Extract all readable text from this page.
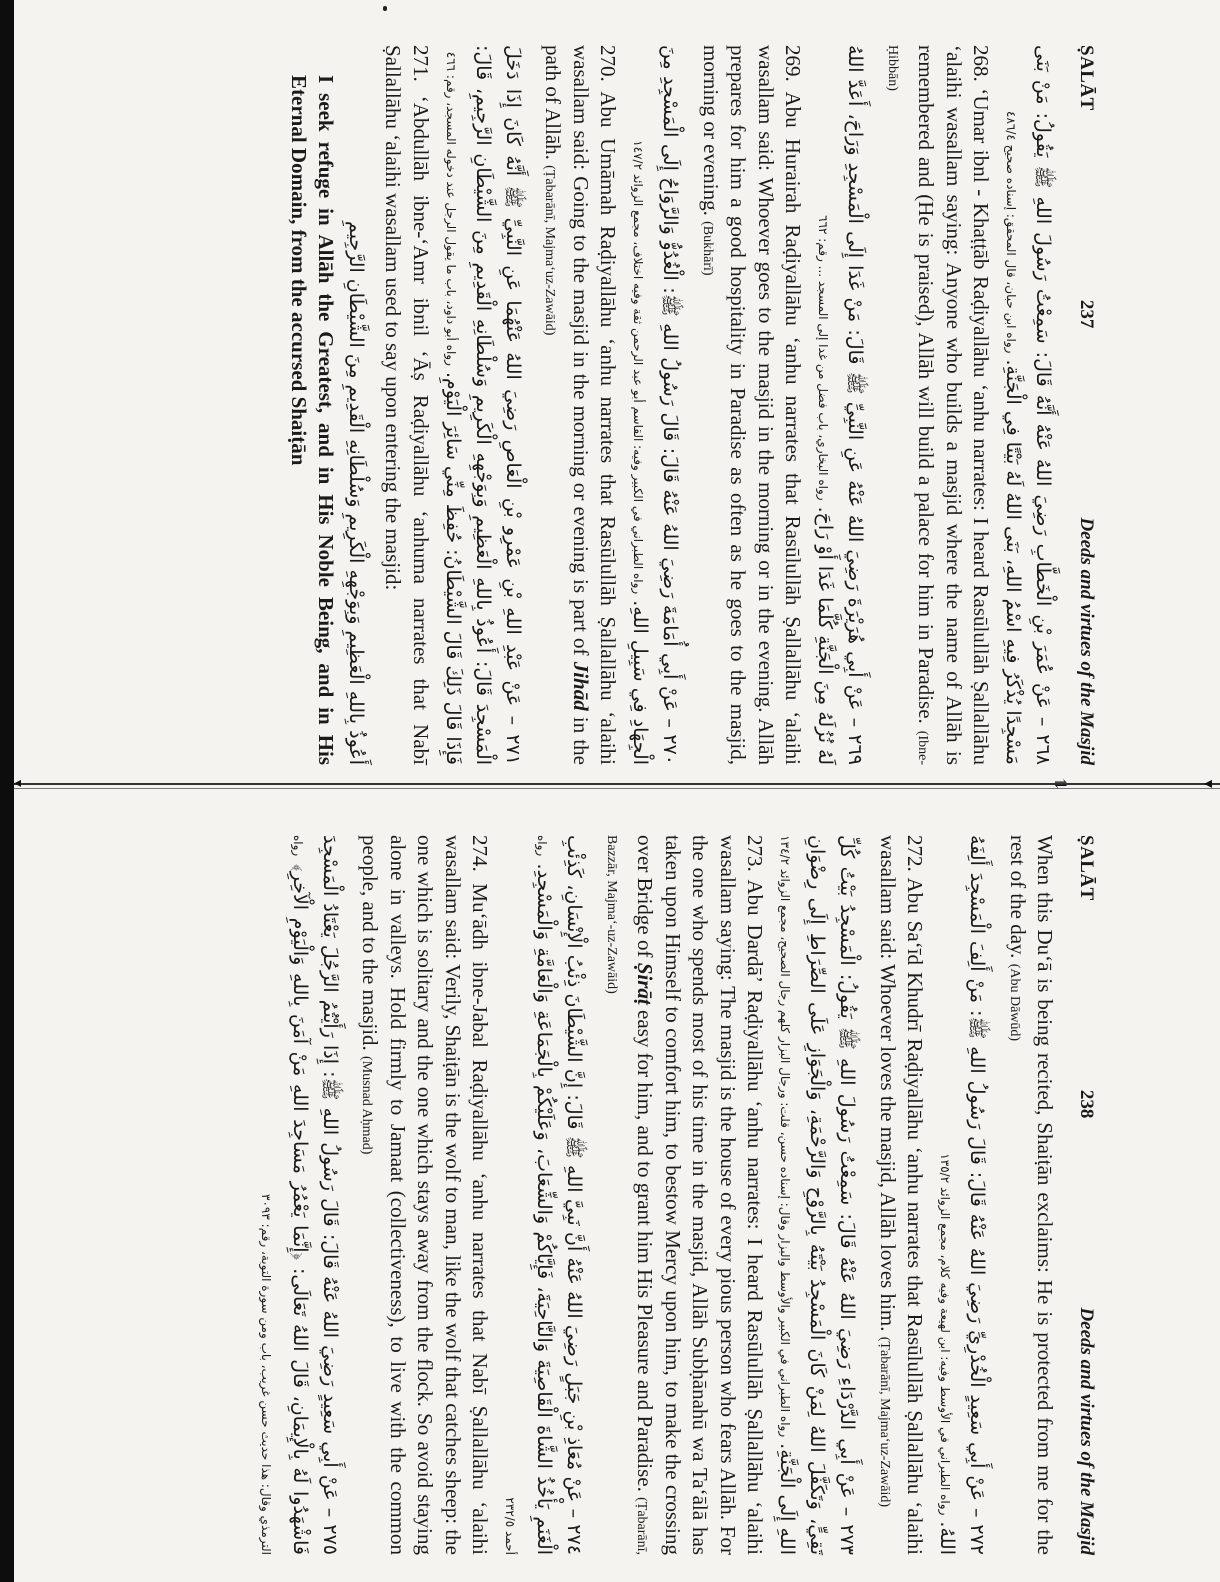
◂	⇌	◂
ṢALĀT
237
Deeds and virtues of the Masjid
٢٦٨ – عَنْ عُمَرَ بْنِ الْخَطَّابِ رَضِيَ اللهُ عَنْهُ أَنَّهُ قَالَ: سَمِعْتُ رَسُولَ اللهِ ﷺ يَقُولُ: مَنْ بَنَى مَسْجِدًا يُذْكَرُ فِيهِ اسْمُ اللهِ، بَنَى اللهُ لَهُ بَيْتًا فِي الْجَنَّةِ. رواه ابن حبان، قال المحقق: إسناده صحيح ٤٨٦/٤

268. ‘Umar ibnl - Khaṭṭāb Raḍiyallāhu ‘anhu narrates: I heard Rasūlullāh Ṣallallāhu ‘alaihi wasallam saying: Anyone who builds a masjid where the name of Allāh is remembered and (He is praised), Allāh will build a palace for him in Paradise. (Ibne-Ḥibbān)

٢٦٩ – عَنْ أَبِي هُرَيْرَةَ رَضِيَ اللهُ عَنْهُ عَنِ النَّبِيِّ ﷺ قَالَ: مَنْ غَدَا إِلَى الْمَسْجِدِ وَرَاحَ، أَعَدَّ اللهُ لَهُ نُزُلَهُ مِنَ الْجَنَّةِ كُلَّمَا غَدَا أَوْ رَاحَ. رواه البخاري، باب فضل من غدا إلى المسجد ... رقم: ٦٦٢

269. Abu Hurairah Raḍiyallāhu ‘anhu narrates that Rasūlullāh Ṣallallāhu ‘alaihi wasallam said: Whoever goes to the masjid in the morning or in the evening. Allāh prepares for him a good hospitality in Paradise as often as he goes to the masjid, morning or evening. (Bukhārī)

٢٧٠ – عَنْ أَبِي أُمَامَةَ رَضِيَ اللهُ عَنْهُ قَالَ: قَالَ رَسُولُ اللهِ ﷺ: الْغُدُوُّ وَالرَّوَاحُ إِلَى الْمَسْجِدِ مِنَ الْجِهَادِ فِي سَبِيلِ اللهِ. رواه الطبراني في الكبير وفيه: القاسم أبو عبد الرحمن ثقة وفيه اختلاف، مجمع الزوائد ١٤٧/٢

270. Abu Umāmah Raḍiyallāhu ‘anhu narrates that Rasūlullāh Ṣallallāhu ‘alaihi wasallam said: Going to the masjid in the morning or evening is part of Jihād in the path of Allāh. (Ṭabarānī, Majma‘uz-Zawāid)

٢٧١ – عَنْ عَبْدِ اللهِ بْنِ عَمْرِو بْنِ الْعَاصِ رَضِيَ اللهُ عَنْهُمَا عَنِ النَّبِيِّ ﷺ أَنَّهُ كَانَ إِذَا دَخَلَ الْمَسْجِدَ قَالَ: أَعُوذُ بِاللهِ الْعَظِيمِ وَبِوَجْهِهِ الْكَرِيمِ وَسُلْطَانِهِ الْقَدِيمِ مِنَ الشَّيْطَانِ الرَّجِيمِ، قَالَ: فَإِذَا قَالَ ذَلِكَ قَالَ الشَّيْطَانُ: حُفِظَ مِنِّي سَائِرَ الْيَوْمِ. رواه أبو داود، باب ما يقول الرجل عند دخوله المسجد، رقم: ٤٦٦

271. ‘Abdullāh ibne-‘Amr ibnil ‘Āṣ Raḍiyallāhu ‘anhuma narrates that Nabī Ṣallallāhu ‘alaihi wasallam used to say upon entering the masjid:

أَعُوذُ بِاللهِ الْعَظِيمِ وَبِوَجْهِهِ الْكَرِيمِ وَسُلْطَانِهِ الْقَدِيمِ مِنَ الشَّيْطَانِ الرَّجِيمِ

I seek refuge in Allāh the Greatest, and in His Noble Being, and in His Eternal Domain, from the accursed Shaiṭān

ṢALĀT
238
Deeds and virtues of the Masjid

When this Du‘ā is being recited, Shaiṭān exclaims: He is protected from me for the rest of the day. (Abu Dāwūd)

٢٧٢ – عَنْ أَبِي سَعِيدٍ الْخُدْرِيِّ رَضِيَ اللهُ عَنْهُ قَالَ: قَالَ رَسُولُ اللهِ ﷺ: مَنْ أَلِفَ الْمَسْجِدَ أَلِفَهُ اللهُ. رواه الطبراني في الأوسط وفيه: ابن لهيعة وفيه كلام، مجمع الزوائد ١٣٥/٢

272. Abu Sa‘īd Khudrī Raḍiyallāhu ‘anhu narrates that Rasūlullāh Ṣallallāhu ‘alaihi wasallam said: Whoever loves the masjid, Allāh loves him. (Ṭabarānī, Majma‘uz-Zawāid)

٢٧٣ – عَنْ أَبِي الدَّرْدَاءِ رَضِيَ اللهُ عَنْهُ قَالَ: سَمِعْتُ رَسُولَ اللهِ ﷺ يَقُولُ: الْمَسْجِدُ بَيْتُ كُلِّ تَقِيٍّ، وَتَكَفَّلَ اللهُ لِمَنْ كَانَ الْمَسْجِدُ بَيْتَهُ بِالرَّوْحِ وَالرَّحْمَةِ، وَالْجَوَازِ عَلَى الصِّرَاطِ إِلَى رِضْوَانِ اللهِ إِلَى الْجَنَّةِ. رواه الطبراني في الكبير والأوسط والبزار وقال: إسناده حسن، قلت: ورجال البزار كلهم رجال الصحيح، مجمع الزوائد ١٣٤/٢

273. Abu Dardā’ Raḍiyallāhu ‘anhu narrates: I heard Rasūlullāh Ṣallallāhu ‘alaihi wasallam saying: The masjid is the house of every pious person who fears Allāh. For the one who spends most of his time in the masjid, Allāh Subḥānahū wa Ta‘ālā has taken upon Himself to comfort him, to bestow Mercy upon him, to make the crossing over Bridge of Ṣirāṭ easy for him, and to grant him His Pleasure and Paradise. (Ṭabarānī, Bazzār, Majma‘-uz-Zawāid)

٢٧٤ – عَنْ مُعَاذِ بْنِ جَبَلٍ رَضِيَ اللهُ عَنْهُ أَنَّ نَبِيَّ اللهِ ﷺ قَالَ: إِنَّ الشَّيْطَانَ ذِئْبُ الْإِنْسَانِ، كَذِئْبِ الْغَنَمِ يَأْخُذُ الشَّاةَ الْقَاصِيَةَ وَالنَّاحِيَةَ، فَإِيَّاكُمْ وَالشِّعَابَ، وَعَلَيْكُمْ بِالْجَمَاعَةِ وَالْعَامَّةِ وَالْمَسْجِدِ. رواه أحمد ٢٣٢/٥

274. Mu‘ādh ibne-Jabal Raḍiyallāhu ‘anhu narrates that Nabī Ṣallallāhu ‘alaihi wasallam said: Verily, Shaiṭān is the wolf to man, like the wolf that catches sheep: the one which is solitary and the one which stays away from the flock. So avoid staying alone in valleys. Hold firmly to Jamaat (collectiveness), to live with the common people, and to the masjid. (Musnad Aḥmad)

٢٧٥ – عَنْ أَبِي سَعِيدٍ رَضِيَ اللهُ عَنْهُ قَالَ: قَالَ رَسُولُ اللهِ ﷺ: إِذَا رَأَيْتُمُ الرَّجُلَ يَعْتَادُ الْمَسْجِدَ فَاشْهَدُوا لَهُ بِالْإِيمَانِ، قَالَ اللهُ تَعَالَى: ﴿إِنَّمَا يَعْمُرُ مَسَاجِدَ اللهِ مَنْ آمَنَ بِاللهِ وَالْيَوْمِ الْآخِرِ﴾ رواه الترمذي وقال: هذا حديث حسن غريب، باب ومن سورة التوبة، رقم: ٣٠٩٣
